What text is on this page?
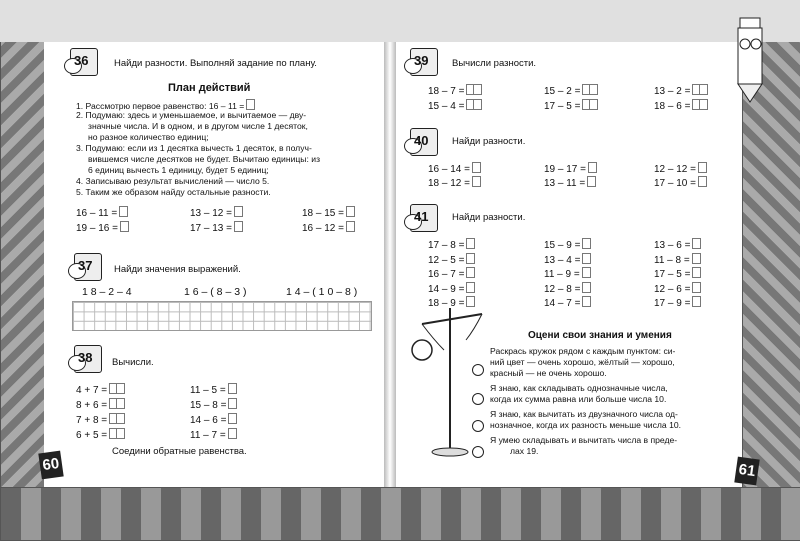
60	61
36	Найди разности. Выполняй задание по плану.
План действий
1. Рассмотрю первое равенство: 16 – 11 =
2. Подумаю: здесь и уменьшаемое, и вычитаемое — дву-
значные числа. И в одном, и в другом числе 1 десяток,
но разное количество единиц;
3. Подумаю: если из 1 десятка вычесть 1 десяток, в получ-
вившемся числе десятков не будет. Вычитаю единицы: из
6 единиц вычесть 1 единицу, будет 5 единиц;
4. Записываю результат вычислений — число 5.
5. Таким же образом найду остальные разности.
16 – 11 =	13 – 12 =	18 – 15 =
19 – 16 =	17 – 13 =	16 – 12 =
37 Найди значения выражений.
1 8 – 2 – 4	1 6 – ( 8 – 3 )	1 4 – ( 1 0 – 8 )
38 Вычисли.
4 + 7 =	11 – 5 =
8 + 6 =	15 – 8 =
7 + 8 =	14 – 6 =
6 + 5 =	11 – 7 =
Соедини обратные равенства.
39 Вычисли разности.
18 – 7 =	15 – 2 =	13 – 2 =
15 – 4 =	17 – 5 =	18 – 6 =
40 Найди разности.
16 – 14 =	19 – 17 =	12 – 12 =
18 – 12 =	13 – 11 =	17 – 10 =
41 Найди разности.
17 – 8 =	15 – 9 =	13 – 6 =
12 – 5 =	13 – 4 =	11 – 8 =
16 – 7 =	11 – 9 =	17 – 5 =
14 – 9 =	12 – 8 =	12 – 6 =
18 – 9 =	14 – 7 =	17 – 9 =
Оцени свои знания и умения
Раскрась кружок рядом с каждым пунктом: си-
ний цвет — очень хорошо, жёлтый — хорошо,
красный — не очень хорошо.
Я знаю, как складывать однозначные числа,
когда их сумма равна или больше числа 10.
Я знаю, как вычитать из двузначного числа од-
нозначное, когда их разность меньше числа 10.
Я умею складывать и вычитать числа в преде-
лах 19.
